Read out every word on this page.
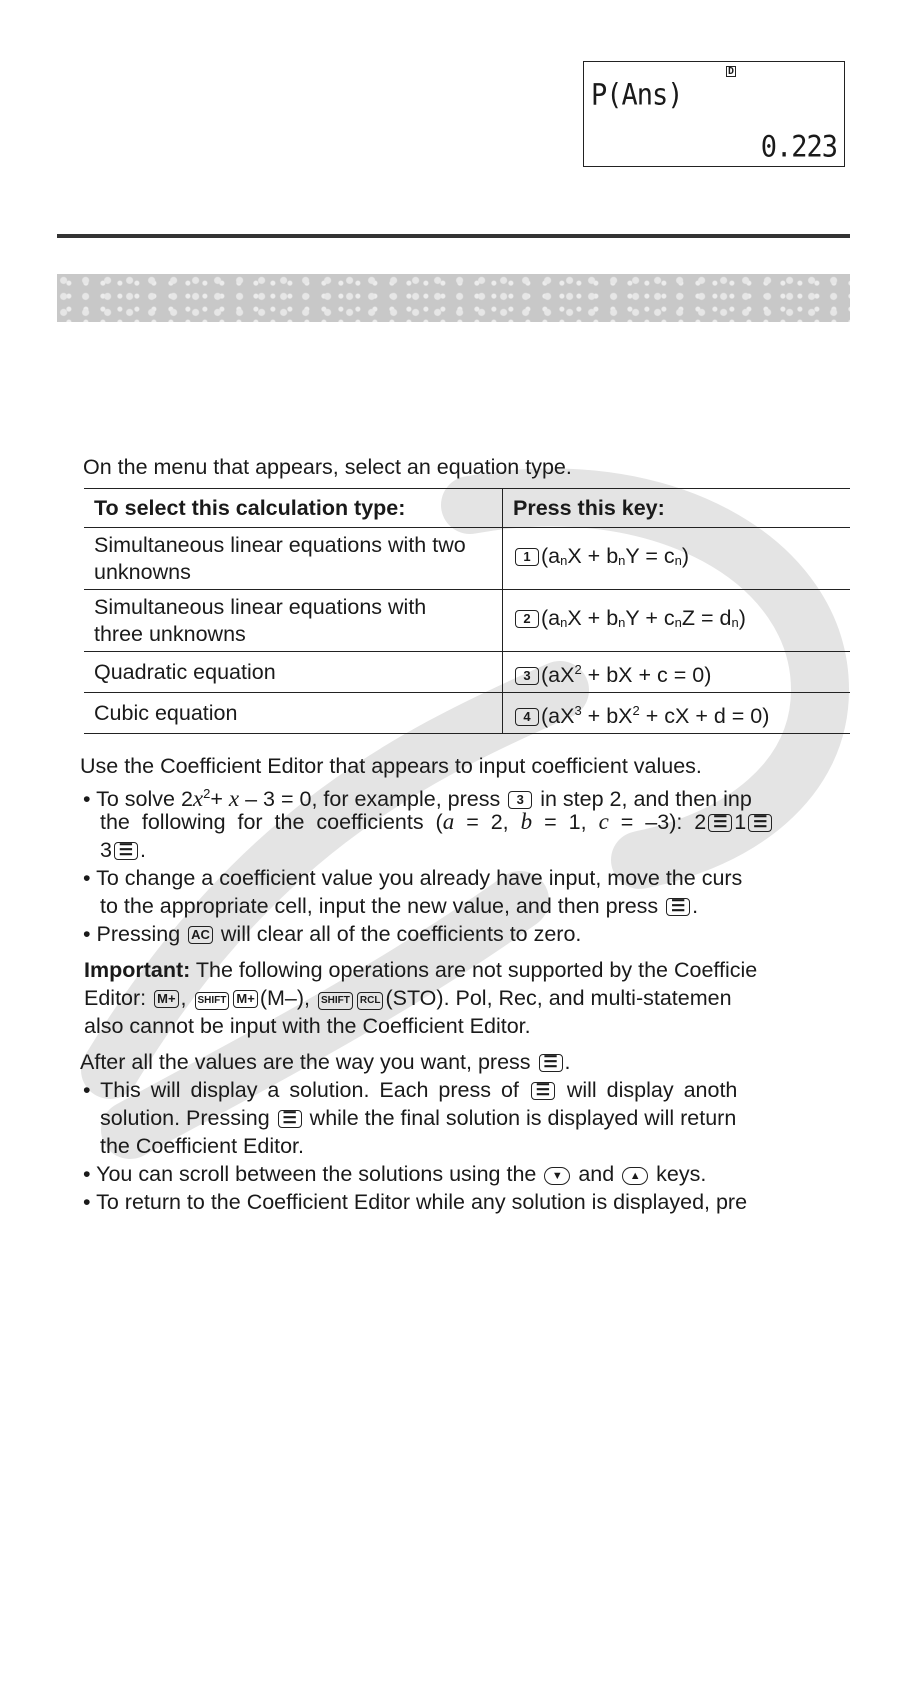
D
P(Ans)
0.223
On the menu that appears, select an equation type.
To select this calculation type:	Press this key:
Simultaneous linear equations with two
unknowns	1 (anX + bnY = cn)
Simultaneous linear equations with
three unknowns	2 (anX + bnY + cnZ = dn)
Quadratic equation	3 ($aX^2$ + bX + c = 0)
Cubic equation	4 ($aX^3 + bX^2$ + cX + d = 0)
Use the Coefficient Editor that appears to input coefficient values.
• To solve $2x^2+ x - 3 = 0$, for example, press 3 in step 2, and then inp
the following for the coefficients (a = 2, b = 1, c = –3): 2 ☰ 1 ☰
3 ☰ .
• To change a coefficient value you already have input, move the curs
to the appropriate cell, input the new value, and then press ☰ .
• Pressing AC will clear all of the coefficients to zero.
Important: The following operations are not supported by the Coefficie
Editor: M+ , SHIFT M+ (M–), SHIFT RCL (STO). Pol, Rec, and multi-statemen
also cannot be input with the Coefficient Editor.
After all the values are the way you want, press ☰ .
• This will display a solution. Each press of ☰ will display anoth
solution. Pressing ☰ while the final solution is displayed will return
the Coefficient Editor.
• You can scroll between the solutions using the ▼ and ▲ keys.
• To return to the Coefficient Editor while any solution is displayed, pre
